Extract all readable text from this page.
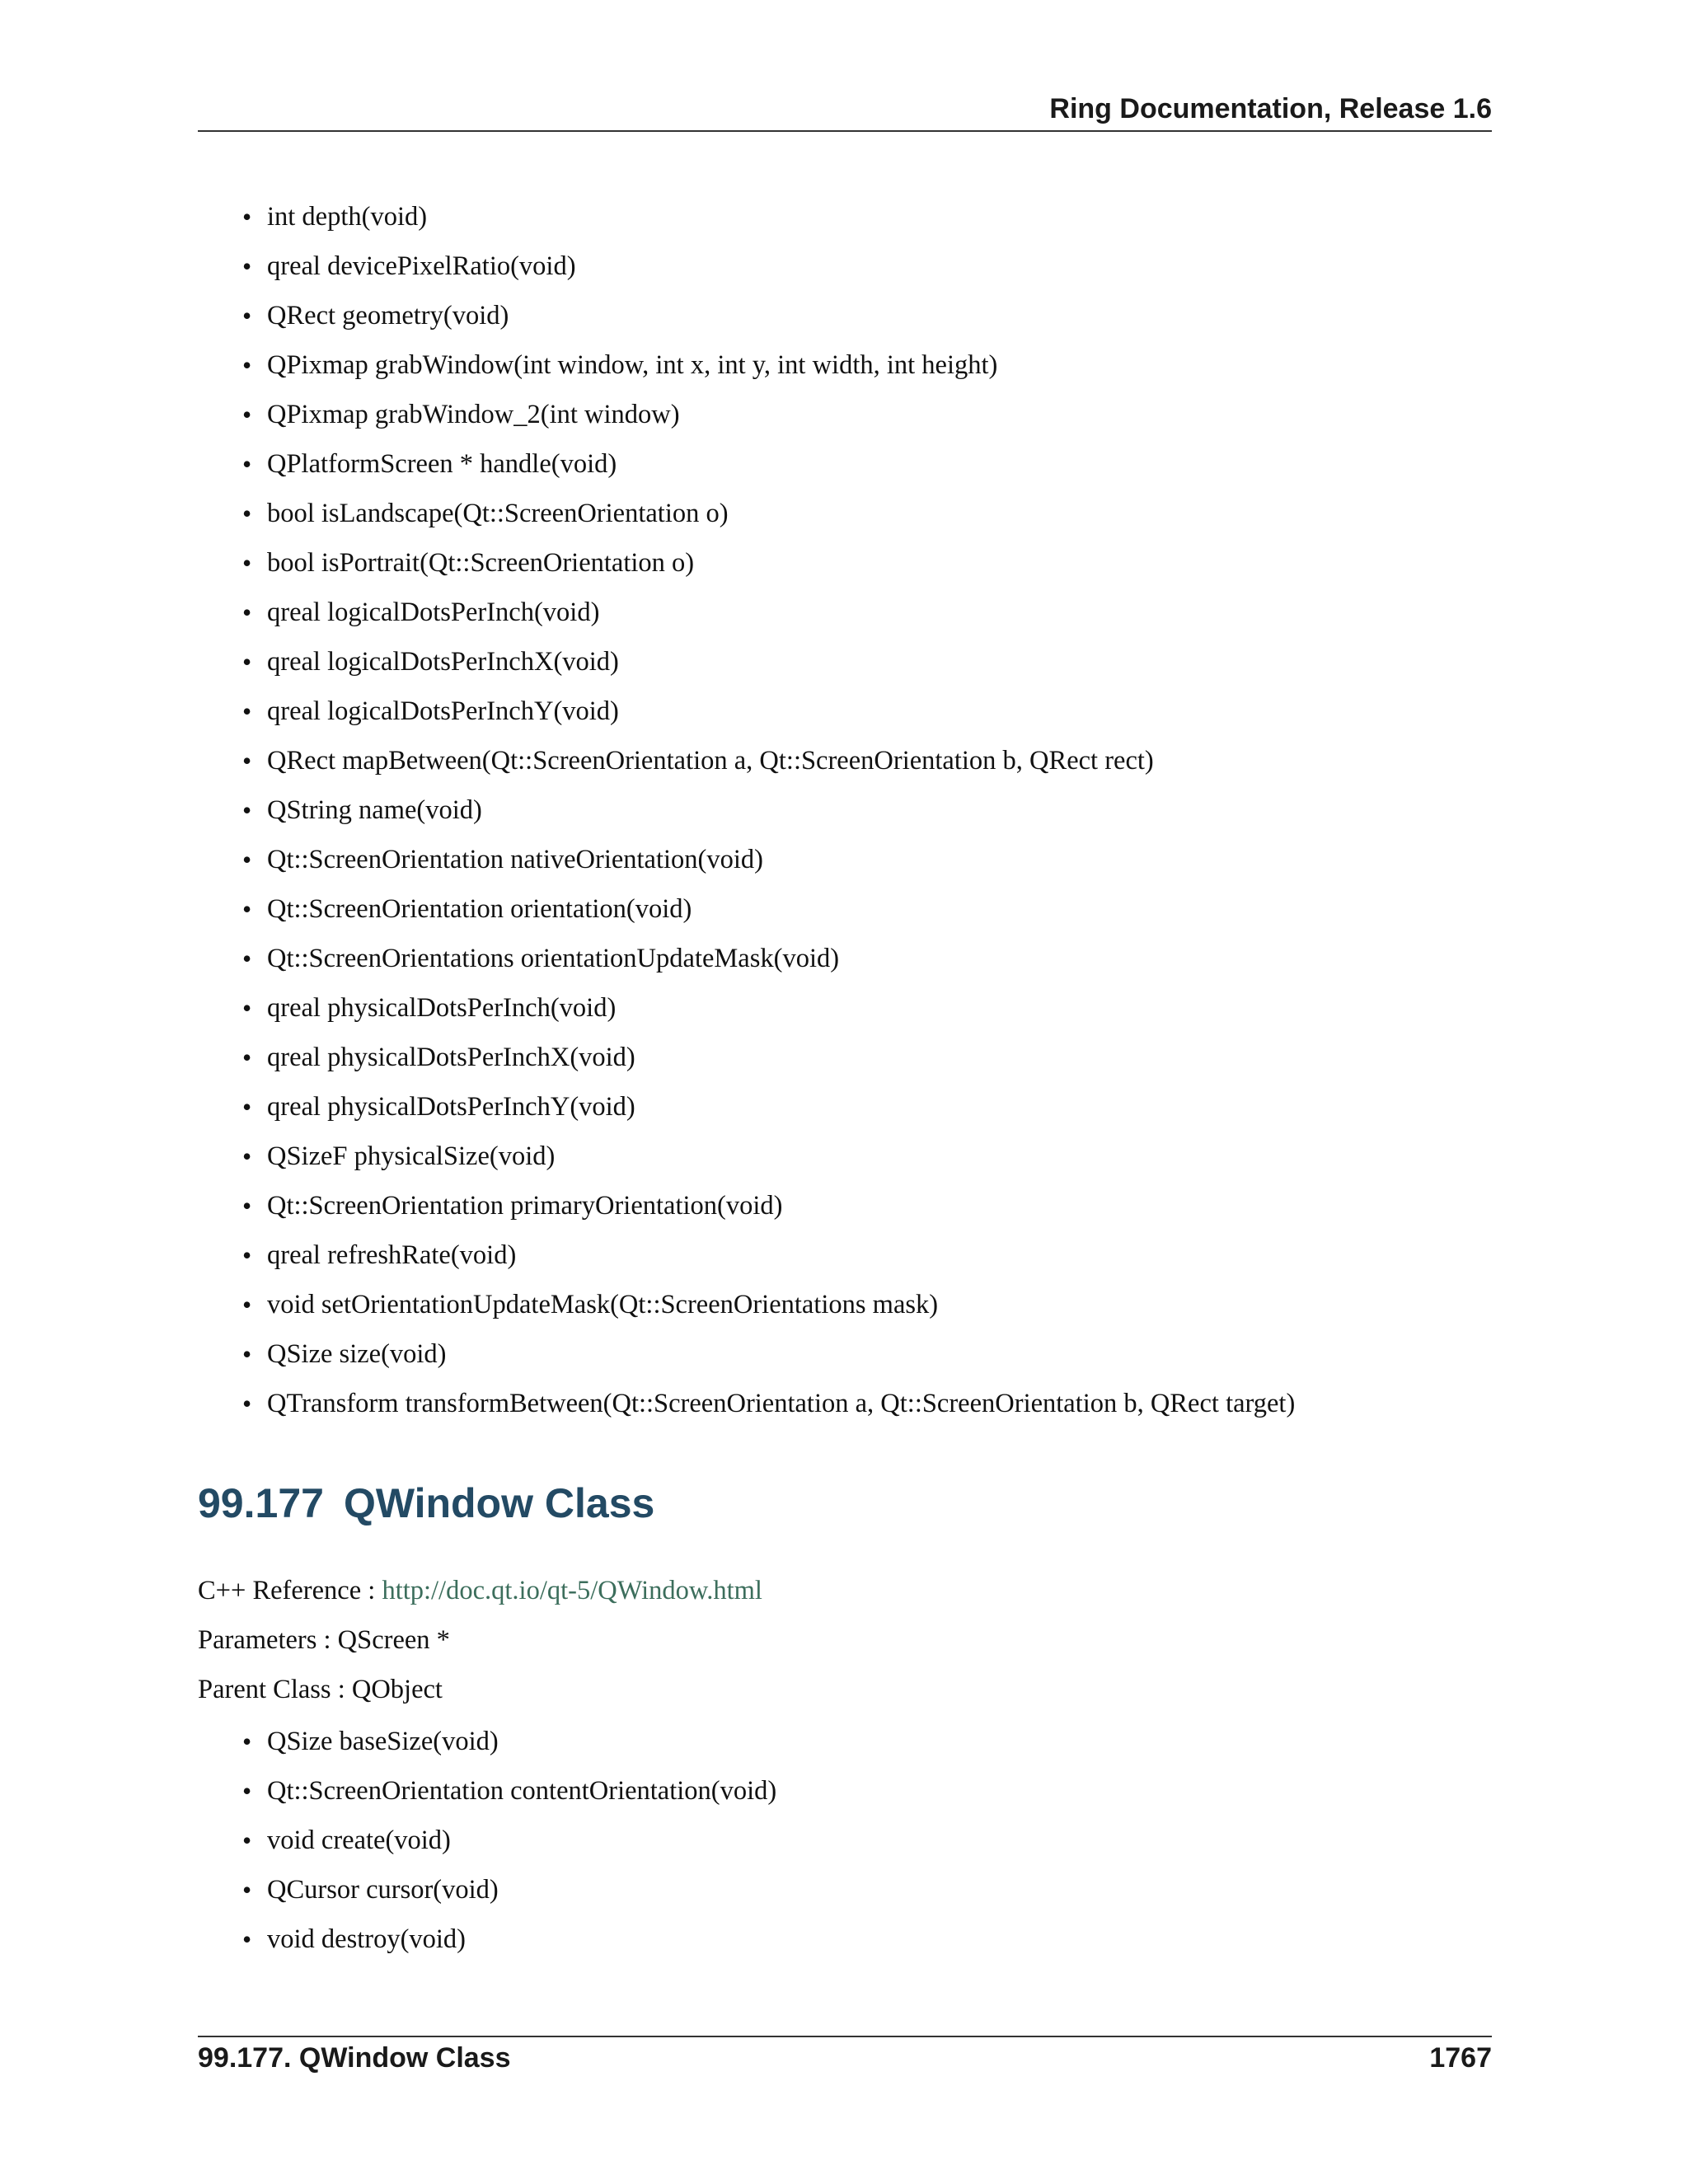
Ring Documentation, Release 1.6
• int depth(void)
• qreal devicePixelRatio(void)
• QRect geometry(void)
• QPixmap grabWindow(int window, int x, int y, int width, int height)
• QPixmap grabWindow_2(int window)
• QPlatformScreen * handle(void)
• bool isLandscape(Qt::ScreenOrientation o)
• bool isPortrait(Qt::ScreenOrientation o)
• qreal logicalDotsPerInch(void)
• qreal logicalDotsPerInchX(void)
• qreal logicalDotsPerInchY(void)
• QRect mapBetween(Qt::ScreenOrientation a, Qt::ScreenOrientation b, QRect rect)
• QString name(void)
• Qt::ScreenOrientation nativeOrientation(void)
• Qt::ScreenOrientation orientation(void)
• Qt::ScreenOrientations orientationUpdateMask(void)
• qreal physicalDotsPerInch(void)
• qreal physicalDotsPerInchX(void)
• qreal physicalDotsPerInchY(void)
• QSizeF physicalSize(void)
• Qt::ScreenOrientation primaryOrientation(void)
• qreal refreshRate(void)
• void setOrientationUpdateMask(Qt::ScreenOrientations mask)
• QSize size(void)
• QTransform transformBetween(Qt::ScreenOrientation a, Qt::ScreenOrientation b, QRect target)
99.177 QWindow Class
C++ Reference : http://doc.qt.io/qt-5/QWindow.html
Parameters : QScreen *
Parent Class : QObject
• QSize baseSize(void)
• Qt::ScreenOrientation contentOrientation(void)
• void create(void)
• QCursor cursor(void)
• void destroy(void)
99.177. QWindow Class	1767
